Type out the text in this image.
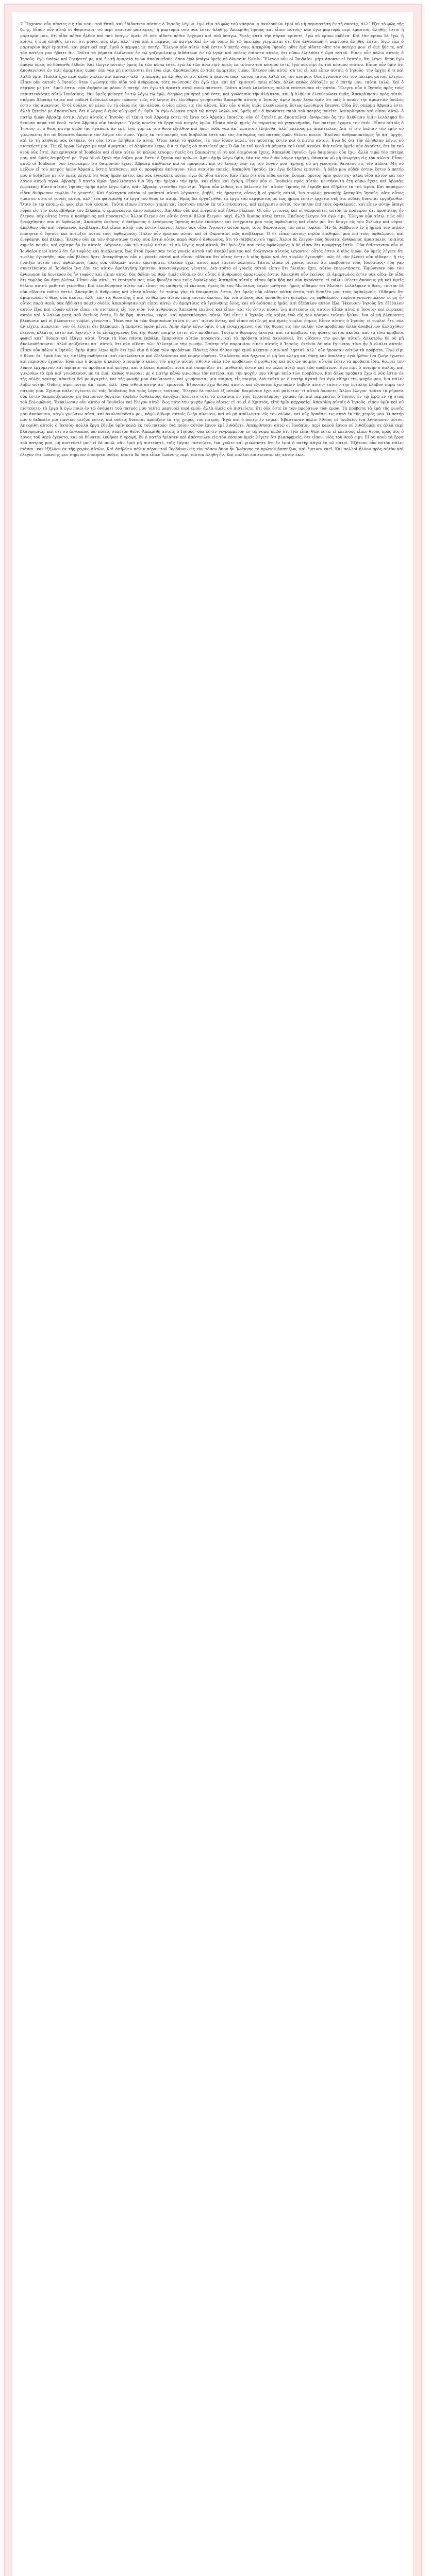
7 Ἦρχοντο οὖν πάντες εἰς τὸν ναὸν τοῦ Θεοῦ, καὶ ἐδίδασκεν αὐτοὺς ὁ Ἰησοῦς λέγων· ἐγώ εἰμι τὸ φῶς τοῦ κόσμου· ὁ ἀκολουθῶν ἐμοὶ οὐ μὴ περιπατήσῃ ἐν τῇ σκοτίᾳ, ἀλλ᾽ ἕξει τὸ φῶς τῆς ζωῆς. Εἶπον οὖν αὐτῷ οἱ Φαρισαῖοι· σὺ περὶ σεαυτοῦ μαρτυρεῖς· ἡ μαρτυρία σου οὐκ ἔστιν ἀληθής. Ἀπεκρίθη Ἰησοῦς καὶ εἶπεν αὐτοῖς· κἂν ἐγὼ μαρτυρῶ περὶ ἐμαυτοῦ, ἀληθής ἐστιν ἡ μαρτυρία μου, ὅτι οἶδα πόθεν ἦλθον καὶ ποῦ ὑπάγω· ὑμεῖς δὲ οὐκ οἴδατε πόθεν ἔρχομαι καὶ ποῦ ὑπάγω. Ὑμεῖς κατὰ τὴν σάρκα κρίνετε, ἐγὼ οὐ κρίνω οὐδένα. Καὶ ἐὰν κρίνω δὲ ἐγώ, ἡ κρίσις ἡ ἐμὴ ἀληθής ἐστιν, ὅτι μόνος οὐκ εἰμί, ἀλλ᾽ ἐγὼ καὶ ὁ πέμψας με πατήρ. Καὶ ἐν τῷ νόμῳ δὲ τῷ ὑμετέρῳ γέγραπται ὅτι δύο ἀνθρώπων ἡ μαρτυρία ἀληθής ἐστιν. Ἐγώ εἰμι ὁ μαρτυρῶν περὶ ἐμαυτοῦ, καὶ μαρτυρεῖ περὶ ἐμοῦ ὁ πέμψας με πατήρ. Ἔλεγον οὖν αὐτῷ· ποῦ ἐστιν ὁ πατήρ σου; ἀπεκρίθη Ἰησοῦς· οὔτε ἐμὲ οἴδατε οὔτε τὸν πατέρα μου· εἰ ἐμὲ ᾔδειτε, καὶ τὸν πατέρα μου ᾔδειτε ἄν. Ταῦτα τὰ ῥήματα ἐλάλησεν ἐν τῷ γαζοφυλακίῳ διδάσκων ἐν τῷ ἱερῷ· καὶ οὐδεὶς ἐπίασεν αὐτόν, ὅτι οὔπω ἐληλύθει ἡ ὥρα αὐτοῦ. Εἶπεν οὖν πάλιν αὐτοῖς ὁ Ἰησοῦς· ἐγὼ ὑπάγω καὶ ζητήσετέ με, καὶ ἐν τῇ ἁμαρτίᾳ ὑμῶν ἀποθανεῖσθε· ὅπου ἐγὼ ὑπάγω ὑμεῖς οὐ δύνασθε ἐλθεῖν. Ἔλεγον οὖν οἱ Ἰουδαῖοι· μήτι ἀποκτενεῖ ἑαυτόν, ὅτι λέγει· ὅπου ἐγὼ ὑπάγω ὑμεῖς οὐ δύνασθε ἐλθεῖν; Καὶ ἔλεγεν αὐτοῖς· ὑμεῖς ἐκ τῶν κάτω ἐστέ, ἐγὼ ἐκ τῶν ἄνω εἰμί· ὑμεῖς ἐκ τούτου τοῦ κόσμου ἐστέ, ἐγὼ οὐκ εἰμὶ ἐκ τοῦ κόσμου τούτου. Εἶπον οὖν ὑμῖν ὅτι ἀποθανεῖσθε ἐν ταῖς ἁμαρτίαις ὑμῶν· ἐὰν γὰρ μὴ πιστεύσητε ὅτι ἐγώ εἰμι, ἀποθανεῖσθε ἐν ταῖς ἁμαρτίαις ὑμῶν. Ἔλεγον οὖν αὐτῷ· σὺ τίς εἶ; καὶ εἶπεν αὐτοῖς ὁ Ἰησοῦς· τὴν ἀρχὴν ὅ τι καὶ λαλῶ ὑμῖν. Πολλὰ ἔχω περὶ ὑμῶν λαλεῖν καὶ κρίνειν· ἀλλ᾽ ὁ πέμψας με ἀληθής ἐστιν, κἀγὼ ἃ ἤκουσα παρ᾽ αὐτοῦ ταῦτα λαλῶ εἰς τὸν κόσμον. Οὐκ ἔγνωσαν ὅτι τὸν πατέρα αὐτοῖς ἔλεγεν. Εἶπεν οὖν αὐτοῖς ὁ Ἰησοῦς· ὅταν ὑψώσητε τὸν υἱὸν τοῦ ἀνθρώπου, τότε γνώσεσθε ὅτι ἐγώ εἰμι, καὶ ἀπ᾽ ἐμαυτοῦ ποιῶ οὐδέν, ἀλλὰ καθὼς ἐδίδαξέν με ὁ πατήρ μου, ταῦτα λαλῶ. Καὶ ὁ πέμψας με μετ᾽ ἐμοῦ ἐστιν· οὐκ ἀφῆκέν με μόνον ὁ πατήρ, ὅτι ἐγὼ τὰ ἀρεστὰ αὐτῷ ποιῶ πάντοτε. Ταῦτα αὐτοῦ λαλοῦντος πολλοὶ ἐπίστευσαν εἰς αὐτόν. Ἔλεγεν οὖν ὁ Ἰησοῦς πρὸς τοὺς πεπιστευκότας αὐτῷ Ἰουδαίους· ἐὰν ὑμεῖς μείνητε ἐν τῷ λόγῳ τῷ ἐμῷ, ἀληθῶς μαθηταί μού ἐστε, καὶ γνώσεσθε τὴν ἀλήθειαν, καὶ ἡ ἀλήθεια ἐλευθερώσει ὑμᾶς. Ἀπεκρίθησαν πρὸς αὐτόν· σπέρμα Ἀβραάμ ἐσμεν καὶ οὐδενὶ δεδουλεύκαμεν πώποτε· πῶς σὺ λέγεις ὅτι ἐλεύθεροι γενήσεσθε; Ἀπεκρίθη αὐτοῖς ὁ Ἰησοῦς· ἀμὴν ἀμὴν λέγω ὑμῖν ὅτι πᾶς ὁ ποιῶν τὴν ἁμαρτίαν δοῦλός ἐστιν τῆς ἁμαρτίας. Ὁ δὲ δοῦλος οὐ μένει ἐν τῇ οἰκίᾳ εἰς τὸν αἰῶνα, ὁ υἱὸς μένει εἰς τὸν αἰῶνα. Ἐὰν οὖν ὁ υἱὸς ὑμᾶς ἐλευθερώσῃ, ὄντως ἐλεύθεροι ἔσεσθε. Οἶδα ὅτι σπέρμα Ἀβραάμ ἐστε· ἀλλὰ ζητεῖτέ με ἀποκτεῖναι, ὅτι ὁ λόγος ὁ ἐμὸς οὐ χωρεῖ ἐν ὑμῖν. Ἃ ἐγὼ ἑώρακα παρὰ τῷ πατρὶ λαλῶ· καὶ ὑμεῖς οὖν ἃ ἠκούσατε παρὰ τοῦ πατρὸς ποιεῖτε. Ἀπεκρίθησαν καὶ εἶπαν αὐτῷ· ὁ πατὴρ ἡμῶν Ἀβραάμ ἐστιν. Λέγει αὐτοῖς ὁ Ἰησοῦς· εἰ τέκνα τοῦ Ἀβραάμ ἐστε, τὰ ἔργα τοῦ Ἀβραὰμ ἐποιεῖτε· νῦν δὲ ζητεῖτέ με ἀποκτεῖναι, ἄνθρωπον ὃς τὴν ἀλήθειαν ὑμῖν λελάληκα ἣν ἤκουσα παρὰ τοῦ θεοῦ· τοῦτο Ἀβραὰμ οὐκ ἐποίησεν. Ὑμεῖς ποιεῖτε τὰ ἔργα τοῦ πατρὸς ὑμῶν. Εἶπαν αὐτῷ· ἡμεῖς ἐκ πορνείας οὐ γεγεννήμεθα, ἕνα πατέρα ἔχομεν τὸν θεόν. Εἶπεν αὐτοῖς ὁ Ἰησοῦς· εἰ ὁ θεὸς πατὴρ ὑμῶν ἦν, ἠγαπᾶτε ἂν ἐμέ, ἐγὼ γὰρ ἐκ τοῦ θεοῦ ἐξῆλθον καὶ ἥκω· οὐδὲ γὰρ ἀπ᾽ ἐμαυτοῦ ἐλήλυθα, ἀλλ᾽ ἐκεῖνός με ἀπέστειλεν. Διὰ τί τὴν λαλιὰν τὴν ἐμὴν οὐ γινώσκετε; ὅτι οὐ δύνασθε ἀκούειν τὸν λόγον τὸν ἐμόν. Ὑμεῖς ἐκ τοῦ πατρὸς τοῦ διαβόλου ἐστὲ καὶ τὰς ἐπιθυμίας τοῦ πατρὸς ὑμῶν θέλετε ποιεῖν. Ἐκεῖνος ἀνθρωποκτόνος ἦν ἀπ᾽ ἀρχῆς, καὶ ἐν τῇ ἀληθείᾳ οὐκ ἔστηκεν, ὅτι οὐκ ἔστιν ἀλήθεια ἐν αὐτῷ. Ὅταν λαλῇ τὸ ψεῦδος, ἐκ τῶν ἰδίων λαλεῖ, ὅτι ψεύστης ἐστὶν καὶ ὁ πατὴρ αὐτοῦ. Ἐγὼ δὲ ὅτι τὴν ἀλήθειαν λέγω, οὐ πιστεύετέ μοι. Τίς ἐξ ὑμῶν ἐλέγχει με περὶ ἁμαρτίας; εἰ ἀλήθειαν λέγω, διὰ τί ὑμεῖς οὐ πιστεύετέ μοι; Ὁ ὢν ἐκ τοῦ θεοῦ τὰ ῥήματα τοῦ θεοῦ ἀκούει· διὰ τοῦτο ὑμεῖς οὐκ ἀκούετε, ὅτι ἐκ τοῦ θεοῦ οὐκ ἐστέ. Ἀπεκρίθησαν οἱ Ἰουδαῖοι καὶ εἶπαν αὐτῷ· οὐ καλῶς λέγομεν ἡμεῖς ὅτι Σαμαρίτης εἶ σὺ καὶ δαιμόνιον ἔχεις; Ἀπεκρίθη Ἰησοῦς· ἐγὼ δαιμόνιον οὐκ ἔχω, ἀλλὰ τιμῶ τὸν πατέρα μου, καὶ ὑμεῖς ἀτιμάζετέ με. Ἐγὼ δὲ οὐ ζητῶ τὴν δόξαν μου· ἔστιν ὁ ζητῶν καὶ κρίνων. Ἀμὴν ἀμὴν λέγω ὑμῖν, ἐάν τις τὸν ἐμὸν λόγον τηρήσῃ, θάνατον οὐ μὴ θεωρήσῃ εἰς τὸν αἰῶνα. Εἶπον αὐτῷ οἱ Ἰουδαῖοι· νῦν ἐγνώκαμεν ὅτι δαιμόνιον ἔχεις. Ἀβραὰμ ἀπέθανεν καὶ οἱ προφῆται, καὶ σὺ λέγεις· ἐάν τις τὸν λόγον μου τηρήσῃ, οὐ μὴ γεύσηται θανάτου εἰς τὸν αἰῶνα. Μὴ σὺ μείζων εἶ τοῦ πατρὸς ἡμῶν Ἀβραάμ, ὅστις ἀπέθανεν; καὶ οἱ προφῆται ἀπέθανον· τίνα σεαυτὸν ποιεῖς; Ἀπεκρίθη Ἰησοῦς· ἐὰν ἐγὼ δοξάσω ἐμαυτόν, ἡ δόξα μου οὐδέν ἐστιν· ἔστιν ὁ πατήρ μου ὁ δοξάζων με, ὃν ὑμεῖς λέγετε ὅτι θεὸς ἡμῶν ἐστιν, καὶ οὐκ ἐγνώκατε αὐτόν, ἐγὼ δὲ οἶδα αὐτόν. Κἂν εἴπω ὅτι οὐκ οἶδα αὐτόν, ἔσομαι ὅμοιος ὑμῖν ψεύστης· ἀλλὰ οἶδα αὐτὸν καὶ τὸν λόγον αὐτοῦ τηρῶ. Ἀβραὰμ ὁ πατὴρ ὑμῶν ἠγαλλιάσατο ἵνα ἴδῃ τὴν ἡμέραν τὴν ἐμήν, καὶ εἶδεν καὶ ἐχάρη. Εἶπον οὖν οἱ Ἰουδαῖοι πρὸς αὐτόν· πεντήκοντα ἔτη οὔπω ἔχεις καὶ Ἀβραὰμ ἑώρακας; Εἶπεν αὐτοῖς Ἰησοῦς· ἀμὴν ἀμὴν λέγω ὑμῖν, πρὶν Ἀβραὰμ γενέσθαι ἐγὼ εἰμί. Ἦραν οὖν λίθους ἵνα βάλωσιν ἐπ᾽ αὐτόν· Ἰησοῦς δὲ ἐκρύβη καὶ ἐξῆλθεν ἐκ τοῦ ἱεροῦ. Καὶ παράγων εἶδεν ἄνθρωπον τυφλὸν ἐκ γενετῆς. Καὶ ἠρώτησαν αὐτὸν οἱ μαθηταὶ αὐτοῦ λέγοντες· ῥαββί, τίς ἥμαρτεν, οὗτος ἢ οἱ γονεῖς αὐτοῦ, ἵνα τυφλὸς γεννηθῇ; Ἀπεκρίθη Ἰησοῦς· οὔτε οὗτος ἥμαρτεν οὔτε οἱ γονεῖς αὐτοῦ, ἀλλ᾽ ἵνα φανερωθῇ τὰ ἔργα τοῦ θεοῦ ἐν αὐτῷ. Ἡμᾶς δεῖ ἐργάζεσθαι τὰ ἔργα τοῦ πέμψαντός με ἕως ἡμέρα ἐστίν· ἔρχεται νὺξ ὅτε οὐδεὶς δύναται ἐργάζεσθαι. Ὅταν ἐν τῷ κόσμῳ ὦ, φῶς εἰμι τοῦ κόσμου. Ταῦτα εἰπὼν ἔπτυσεν χαμαὶ καὶ ἐποίησεν πηλὸν ἐκ τοῦ πτύσματος, καὶ ἐπέχρισεν αὐτοῦ τὸν πηλὸν ἐπὶ τοὺς ὀφθαλμούς, καὶ εἶπεν αὐτῷ· ὕπαγε νίψαι εἰς τὴν κολυμβήθραν τοῦ Σιλωάμ, ὃ ἑρμηνεύεται ἀπεσταλμένος. Ἀπῆλθεν οὖν καὶ ἐνίψατο καὶ ἦλθεν βλέπων. Οἱ οὖν γείτονες καὶ οἱ θεωροῦντες αὐτὸν τὸ πρότερον ὅτι προσαίτης ἦν ἔλεγον· οὐχ οὗτός ἐστιν ὁ καθήμενος καὶ προσαιτῶν; Ἄλλοι ἔλεγον ὅτι οὗτός ἐστιν· ἄλλοι ἔλεγον· οὐχί, ἀλλὰ ὅμοιος αὐτῷ ἐστιν. Ἐκεῖνος ἔλεγεν ὅτι ἐγώ εἰμι. Ἔλεγον οὖν αὐτῷ· πῶς οὖν ἠνεῴχθησάν σου οἱ ὀφθαλμοί; Ἀπεκρίθη ἐκεῖνος· ὁ ἄνθρωπος ὁ λεγόμενος Ἰησοῦς πηλὸν ἐποίησεν καὶ ἐπέχρισέν μου τοὺς ὀφθαλμοὺς καὶ εἶπέν μοι ὅτι ὕπαγε εἰς τὸν Σιλωὰμ καὶ νίψαι· ἀπελθὼν οὖν καὶ νιψάμενος ἀνέβλεψα. Καὶ εἶπαν αὐτῷ· ποῦ ἐστιν ἐκεῖνος; λέγει· οὐκ οἶδα. Ἄγουσιν αὐτὸν πρὸς τοὺς Φαρισαίους τόν ποτε τυφλόν. Ἦν δὲ σάββατον ἐν ᾗ ἡμέρᾳ τὸν πηλὸν ἐποίησεν ὁ Ἰησοῦς καὶ ἀνέῳξεν αὐτοῦ τοὺς ὀφθαλμούς. Πάλιν οὖν ἠρώτων αὐτὸν καὶ οἱ Φαρισαῖοι πῶς ἀνέβλεψεν. Ὁ δὲ εἶπεν αὐτοῖς· πηλὸν ἐπέθηκέν μου ἐπὶ τοὺς ὀφθαλμούς, καὶ ἐνιψάμην, καὶ βλέπω. Ἔλεγον οὖν ἐκ τῶν Φαρισαίων τινές· οὐκ ἔστιν οὗτος παρὰ θεοῦ ὁ ἄνθρωπος, ὅτι τὸ σάββατον οὐ τηρεῖ. Ἄλλοι δὲ ἔλεγον· πῶς δύναται ἄνθρωπος ἁμαρτωλὸς τοιαῦτα σημεῖα ποιεῖν; καὶ σχίσμα ἦν ἐν αὐτοῖς. Λέγουσιν οὖν τῷ τυφλῷ πάλιν· τί σὺ λέγεις περὶ αὐτοῦ, ὅτι ἠνέῳξέν σου τοὺς ὀφθαλμούς; ὁ δὲ εἶπεν ὅτι προφήτης ἐστίν. Οὐκ ἐπίστευσαν οὖν οἱ Ἰουδαῖοι περὶ αὐτοῦ ὅτι ἦν τυφλὸς καὶ ἀνέβλεψεν, ἕως ὅτου ἐφώνησαν τοὺς γονεῖς αὐτοῦ τοῦ ἀναβλέψαντος καὶ ἠρώτησαν αὐτοὺς λέγοντες· οὗτός ἐστιν ὁ υἱὸς ὑμῶν, ὃν ὑμεῖς λέγετε ὅτι τυφλὸς ἐγεννήθη; πῶς οὖν βλέπει ἄρτι; Ἀπεκρίθησαν οὖν οἱ γονεῖς αὐτοῦ καὶ εἶπαν· οἴδαμεν ὅτι οὗτός ἐστιν ὁ υἱὸς ἡμῶν καὶ ὅτι τυφλὸς ἐγεννήθη· πῶς δὲ νῦν βλέπει οὐκ οἴδαμεν, ἢ τίς ἤνοιξεν αὐτοῦ τοὺς ὀφθαλμοὺς ἡμεῖς οὐκ οἴδαμεν· αὐτὸν ἐρωτήσατε, ἡλικίαν ἔχει, αὐτὸς περὶ ἑαυτοῦ λαλήσει. Ταῦτα εἶπαν οἱ γονεῖς αὐτοῦ ὅτι ἐφοβοῦντο τοὺς Ἰουδαίους· ἤδη γὰρ συνετέθειντο οἱ Ἰουδαῖοι ἵνα ἐάν τις αὐτὸν ὁμολογήσῃ Χριστόν, ἀποσυνάγωγος γένηται. Διὰ τοῦτο οἱ γονεῖς αὐτοῦ εἶπαν ὅτι ἡλικίαν ἔχει, αὐτὸν ἐπερωτήσατε. Ἐφώνησαν οὖν τὸν ἄνθρωπον ἐκ δευτέρου ὃς ἦν τυφλὸς καὶ εἶπαν αὐτῷ· δὸς δόξαν τῷ θεῷ· ἡμεῖς οἴδαμεν ὅτι οὗτος ὁ ἄνθρωπος ἁμαρτωλός ἐστιν. Ἀπεκρίθη οὖν ἐκεῖνος· εἰ ἁμαρτωλός ἐστιν οὐκ οἶδα· ἓν οἶδα ὅτι τυφλὸς ὢν ἄρτι βλέπω. Εἶπον οὖν αὐτῷ· τί ἐποίησέν σοι; πῶς ἤνοιξέν σου τοὺς ὀφθαλμούς; Ἀπεκρίθη αὐτοῖς· εἶπον ὑμῖν ἤδη καὶ οὐκ ἠκούσατε· τί πάλιν θέλετε ἀκούειν; μὴ καὶ ὑμεῖς θέλετε αὐτοῦ μαθηταὶ γενέσθαι; Καὶ ἐλοιδόρησαν αὐτὸν καὶ εἶπον· σὺ μαθητὴς εἶ ἐκείνου, ἡμεῖς δὲ τοῦ Μωϋσέως ἐσμὲν μαθηταί· ἡμεῖς οἴδαμεν ὅτι Μωϋσεῖ λελάληκεν ὁ θεός, τοῦτον δὲ οὐκ οἴδαμεν πόθεν ἐστίν. Ἀπεκρίθη ὁ ἄνθρωπος καὶ εἶπεν αὐτοῖς· ἐν τούτῳ γὰρ τὸ θαυμαστόν ἐστιν, ὅτι ὑμεῖς οὐκ οἴδατε πόθεν ἐστίν, καὶ ἤνοιξέν μου τοὺς ὀφθαλμούς. Οἴδαμεν ὅτι ἁμαρτωλῶν ὁ θεὸς οὐκ ἀκούει, ἀλλ᾽ ἐάν τις θεοσεβὴς ᾖ καὶ τὸ θέλημα αὐτοῦ ποιῇ τούτου ἀκούει. Ἐκ τοῦ αἰῶνος οὐκ ἠκούσθη ὅτι ἠνέῳξέν τις ὀφθαλμοὺς τυφλοῦ γεγεννημένου· εἰ μὴ ἦν οὗτος παρὰ θεοῦ, οὐκ ἠδύνατο ποιεῖν οὐδέν. Ἀπεκρίθησαν καὶ εἶπαν αὐτῷ· ἐν ἁμαρτίαις σὺ ἐγεννήθης ὅλος, καὶ σὺ διδάσκεις ἡμᾶς; καὶ ἐξέβαλον αὐτὸν ἔξω. Ἤκουσεν Ἰησοῦς ὅτι ἐξέβαλον αὐτὸν ἔξω, καὶ εὑρὼν αὐτὸν εἶπεν· σὺ πιστεύεις εἰς τὸν υἱὸν τοῦ ἀνθρώπου; Ἀπεκρίθη ἐκεῖνος καὶ εἶπεν· καὶ τίς ἐστιν, κύριε, ἵνα πιστεύσω εἰς αὐτόν; Εἶπεν αὐτῷ ὁ Ἰησοῦς· καὶ ἑώρακας αὐτὸν καὶ ὁ λαλῶν μετὰ σοῦ ἐκεῖνός ἐστιν. Ὁ δὲ ἔφη· πιστεύω, κύριε· καὶ προσεκύνησεν αὐτῷ. Καὶ εἶπεν ὁ Ἰησοῦς· εἰς κρίμα ἐγὼ εἰς τὸν κόσμον τοῦτον ἦλθον, ἵνα οἱ μὴ βλέποντες βλέπωσιν καὶ οἱ βλέποντες τυφλοὶ γένωνται. Ἤκουσαν ἐκ τῶν Φαρισαίων ταῦτα οἱ μετ᾽ αὐτοῦ ὄντες, καὶ εἶπον αὐτῷ· μὴ καὶ ἡμεῖς τυφλοί ἐσμεν; Εἶπεν αὐτοῖς ὁ Ἰησοῦς· εἰ τυφλοὶ ἦτε, οὐκ ἂν εἴχετε ἁμαρτίαν· νῦν δὲ λέγετε ὅτι βλέπομεν, ἡ ἁμαρτία ὑμῶν μένει. Ἀμὴν ἀμὴν λέγω ὑμῖν, ὁ μὴ εἰσερχόμενος διὰ τῆς θύρας εἰς τὴν αὐλὴν τῶν προβάτων ἀλλὰ ἀναβαίνων ἀλλαχόθεν ἐκεῖνος κλέπτης ἐστὶν καὶ λῃστής· ὁ δὲ εἰσερχόμενος διὰ τῆς θύρας ποιμήν ἐστιν τῶν προβάτων. Τούτῳ ὁ θυρωρὸς ἀνοίγει, καὶ τὰ πρόβατα τῆς φωνῆς αὐτοῦ ἀκούει, καὶ τὰ ἴδια πρόβατα φωνεῖ κατ᾽ ὄνομα καὶ ἐξάγει αὐτά. Ὅταν τὰ ἴδια πάντα ἐκβάλῃ, ἔμπροσθεν αὐτῶν πορεύεται, καὶ τὰ πρόβατα αὐτῷ ἀκολουθεῖ, ὅτι οἴδασιν τὴν φωνὴν αὐτοῦ· ἀλλοτρίῳ δὲ οὐ μὴ ἀκολουθήσουσιν, ἀλλὰ φεύξονται ἀπ᾽ αὐτοῦ, ὅτι οὐκ οἴδασι τῶν ἀλλοτρίων τὴν φωνήν. Ταύτην τὴν παροιμίαν εἶπεν αὐτοῖς ὁ Ἰησοῦς· ἐκεῖνοι δὲ οὐκ ἔγνωσαν τίνα ἦν ἃ ἐλάλει αὐτοῖς. Εἶπεν οὖν πάλιν ὁ Ἰησοῦς· ἀμὴν ἀμὴν λέγω ὑμῖν ὅτι ἐγώ εἰμι ἡ θύρα τῶν προβάτων. Πάντες ὅσοι ἦλθον πρὸ ἐμοῦ κλέπται εἰσὶν καὶ λῃσταί· ἀλλ᾽ οὐκ ἤκουσαν αὐτῶν τὰ πρόβατα. Ἐγώ εἰμι ἡ θύρα· δι᾽ ἐμοῦ ἐάν τις εἰσέλθῃ σωθήσεται καὶ εἰσελεύσεται καὶ ἐξελεύσεται καὶ νομὴν εὑρήσει. Ὁ κλέπτης οὐκ ἔρχεται εἰ μὴ ἵνα κλέψῃ καὶ θύσῃ καὶ ἀπολέσῃ· ἐγὼ ἦλθον ἵνα ζωὴν ἔχωσιν καὶ περισσὸν ἔχωσιν. Ἐγώ εἰμι ὁ ποιμὴν ὁ καλός· ὁ ποιμὴν ὁ καλὸς τὴν ψυχὴν αὐτοῦ τίθησιν ὑπὲρ τῶν προβάτων· ὁ μισθωτὸς καὶ οὐκ ὢν ποιμήν, οὗ οὐκ ἔστιν τὰ πρόβατα ἴδια, θεωρεῖ τὸν λύκον ἐρχόμενον καὶ ἀφίησιν τὰ πρόβατα καὶ φεύγει, καὶ ὁ λύκος ἁρπάζει αὐτὰ καὶ σκορπίζει· ὅτι μισθωτός ἐστιν καὶ οὐ μέλει αὐτῷ περὶ τῶν προβάτων. Ἐγώ εἰμι ὁ ποιμὴν ὁ καλός, καὶ γινώσκω τὰ ἐμὰ καὶ γινώσκουσί με τὰ ἐμά, καθὼς γινώσκει με ὁ πατὴρ κἀγὼ γινώσκω τὸν πατέρα, καὶ τὴν ψυχήν μου τίθημι ὑπὲρ τῶν προβάτων. Καὶ ἄλλα πρόβατα ἔχω ἃ οὐκ ἔστιν ἐκ τῆς αὐλῆς ταύτης· κἀκεῖνα δεῖ με ἀγαγεῖν, καὶ τῆς φωνῆς μου ἀκούσουσιν, καὶ γενήσονται μία ποίμνη, εἷς ποιμήν. Διὰ τοῦτό με ὁ πατὴρ ἀγαπᾷ ὅτι ἐγὼ τίθημι τὴν ψυχήν μου, ἵνα πάλιν λάβω αὐτήν. Οὐδεὶς αἴρει αὐτὴν ἀπ᾽ ἐμοῦ, ἀλλ᾽ ἐγὼ τίθημι αὐτὴν ἀπ᾽ ἐμαυτοῦ. Ἐξουσίαν ἔχω θεῖναι αὐτήν, καὶ ἐξουσίαν ἔχω πάλιν λαβεῖν αὐτήν· ταύτην τὴν ἐντολὴν ἔλαβον παρὰ τοῦ πατρός μου. Σχίσμα πάλιν ἐγένετο ἐν τοῖς Ἰουδαίοις διὰ τοὺς λόγους τούτους. Ἔλεγον δὲ πολλοὶ ἐξ αὐτῶν· δαιμόνιον ἔχει καὶ μαίνεται· τί αὐτοῦ ἀκούετε; Ἄλλοι ἔλεγον· ταῦτα τὰ ῥήματα οὐκ ἔστιν δαιμονιζομένου· μὴ δαιμόνιον δύναται τυφλῶν ὀφθαλμοὺς ἀνοῖξαι; Ἐγένετο τότε τὰ ἐγκαίνια ἐν τοῖς Ἱεροσολύμοις· χειμὼν ἦν, καὶ περιεπάτει ὁ Ἰησοῦς ἐν τῷ ἱερῷ ἐν τῇ στοᾷ τοῦ Σολομῶνος. Ἐκύκλωσαν οὖν αὐτὸν οἱ Ἰουδαῖοι καὶ ἔλεγον αὐτῷ· ἕως πότε τὴν ψυχὴν ἡμῶν αἴρεις; εἰ σὺ εἶ ὁ Χριστός, εἰπὲ ἡμῖν παρρησίᾳ. Ἀπεκρίθη αὐτοῖς ὁ Ἰησοῦς· εἶπον ὑμῖν καὶ οὐ πιστεύετε· τὰ ἔργα ἃ ἐγὼ ποιῶ ἐν τῷ ὀνόματι τοῦ πατρός μου ταῦτα μαρτυρεῖ περὶ ἐμοῦ· ἀλλὰ ὑμεῖς οὐ πιστεύετε, ὅτι οὐκ ἐστὲ ἐκ τῶν προβάτων τῶν ἐμῶν. Τὰ πρόβατα τὰ ἐμὰ τῆς φωνῆς μου ἀκούουσιν, κἀγὼ γινώσκω αὐτά, καὶ ἀκολουθοῦσίν μοι, κἀγὼ δίδωμι αὐτοῖς ζωὴν αἰώνιον, καὶ οὐ μὴ ἀπόλωνται εἰς τὸν αἰῶνα, καὶ οὐχ ἁρπάσει τις αὐτὰ ἐκ τῆς χειρός μου. Ὁ πατήρ μου ὃ δέδωκέν μοι πάντων μεῖζόν ἐστιν, καὶ οὐδεὶς δύναται ἁρπάζειν ἐκ τῆς χειρὸς τοῦ πατρός. Ἐγὼ καὶ ὁ πατὴρ ἕν ἐσμεν. Ἐβάστασαν πάλιν λίθους οἱ Ἰουδαῖοι ἵνα λιθάσωσιν αὐτόν. Ἀπεκρίθη αὐτοῖς ὁ Ἰησοῦς· πολλὰ ἔργα ἔδειξα ὑμῖν καλὰ ἐκ τοῦ πατρός· διὰ ποῖον αὐτῶν ἔργον ἐμὲ λιθάζετε; Ἀπεκρίθησαν αὐτῷ οἱ Ἰουδαῖοι· περὶ καλοῦ ἔργου οὐ λιθάζομέν σε ἀλλὰ περὶ βλασφημίας, καὶ ὅτι σὺ ἄνθρωπος ὢν ποιεῖς σεαυτὸν θεόν. Ἀπεκρίθη αὐτοῖς ὁ Ἰησοῦς· οὐκ ἔστιν γεγραμμένον ἐν τῷ νόμῳ ὑμῶν ὅτι ἐγὼ εἶπα· θεοί ἐστε; εἰ ἐκείνους εἶπεν θεοὺς πρὸς οὓς ὁ λόγος τοῦ θεοῦ ἐγένετο, καὶ οὐ δύναται λυθῆναι ἡ γραφή, ὃν ὁ πατὴρ ἡγίασεν καὶ ἀπέστειλεν εἰς τὸν κόσμον ὑμεῖς λέγετε ὅτι βλασφημεῖς, ὅτι εἶπον· υἱὸς τοῦ θεοῦ εἰμι; Εἰ οὐ ποιῶ τὰ ἔργα τοῦ πατρός μου, μὴ πιστεύετέ μοι· εἰ δὲ ποιῶ, κἂν ἐμοὶ μὴ πιστεύητε, τοῖς ἔργοις πιστεύετε, ἵνα γνῶτε καὶ γινώσκητε ὅτι ἐν ἐμοὶ ὁ πατὴρ κἀγὼ ἐν τῷ πατρί. Ἐζήτουν οὖν αὐτὸν πάλιν πιάσαι· καὶ ἐξῆλθεν ἐκ τῆς χειρὸς αὐτῶν. Καὶ ἀπῆλθεν πάλιν πέραν τοῦ Ἰορδάνου εἰς τὸν τόπον ὅπου ἦν Ἰωάννης τὸ πρῶτον βαπτίζων, καὶ ἔμεινεν ἐκεῖ. Καὶ πολλοὶ ἦλθον πρὸς αὐτὸν καὶ ἔλεγον ὅτι Ἰωάννης μὲν σημεῖον ἐποίησεν οὐδέν, πάντα δὲ ὅσα εἶπεν Ἰωάννης περὶ τούτου ἀληθῆ ἦν. Καὶ πολλοὶ ἐπίστευσαν εἰς αὐτὸν ἐκεῖ.
